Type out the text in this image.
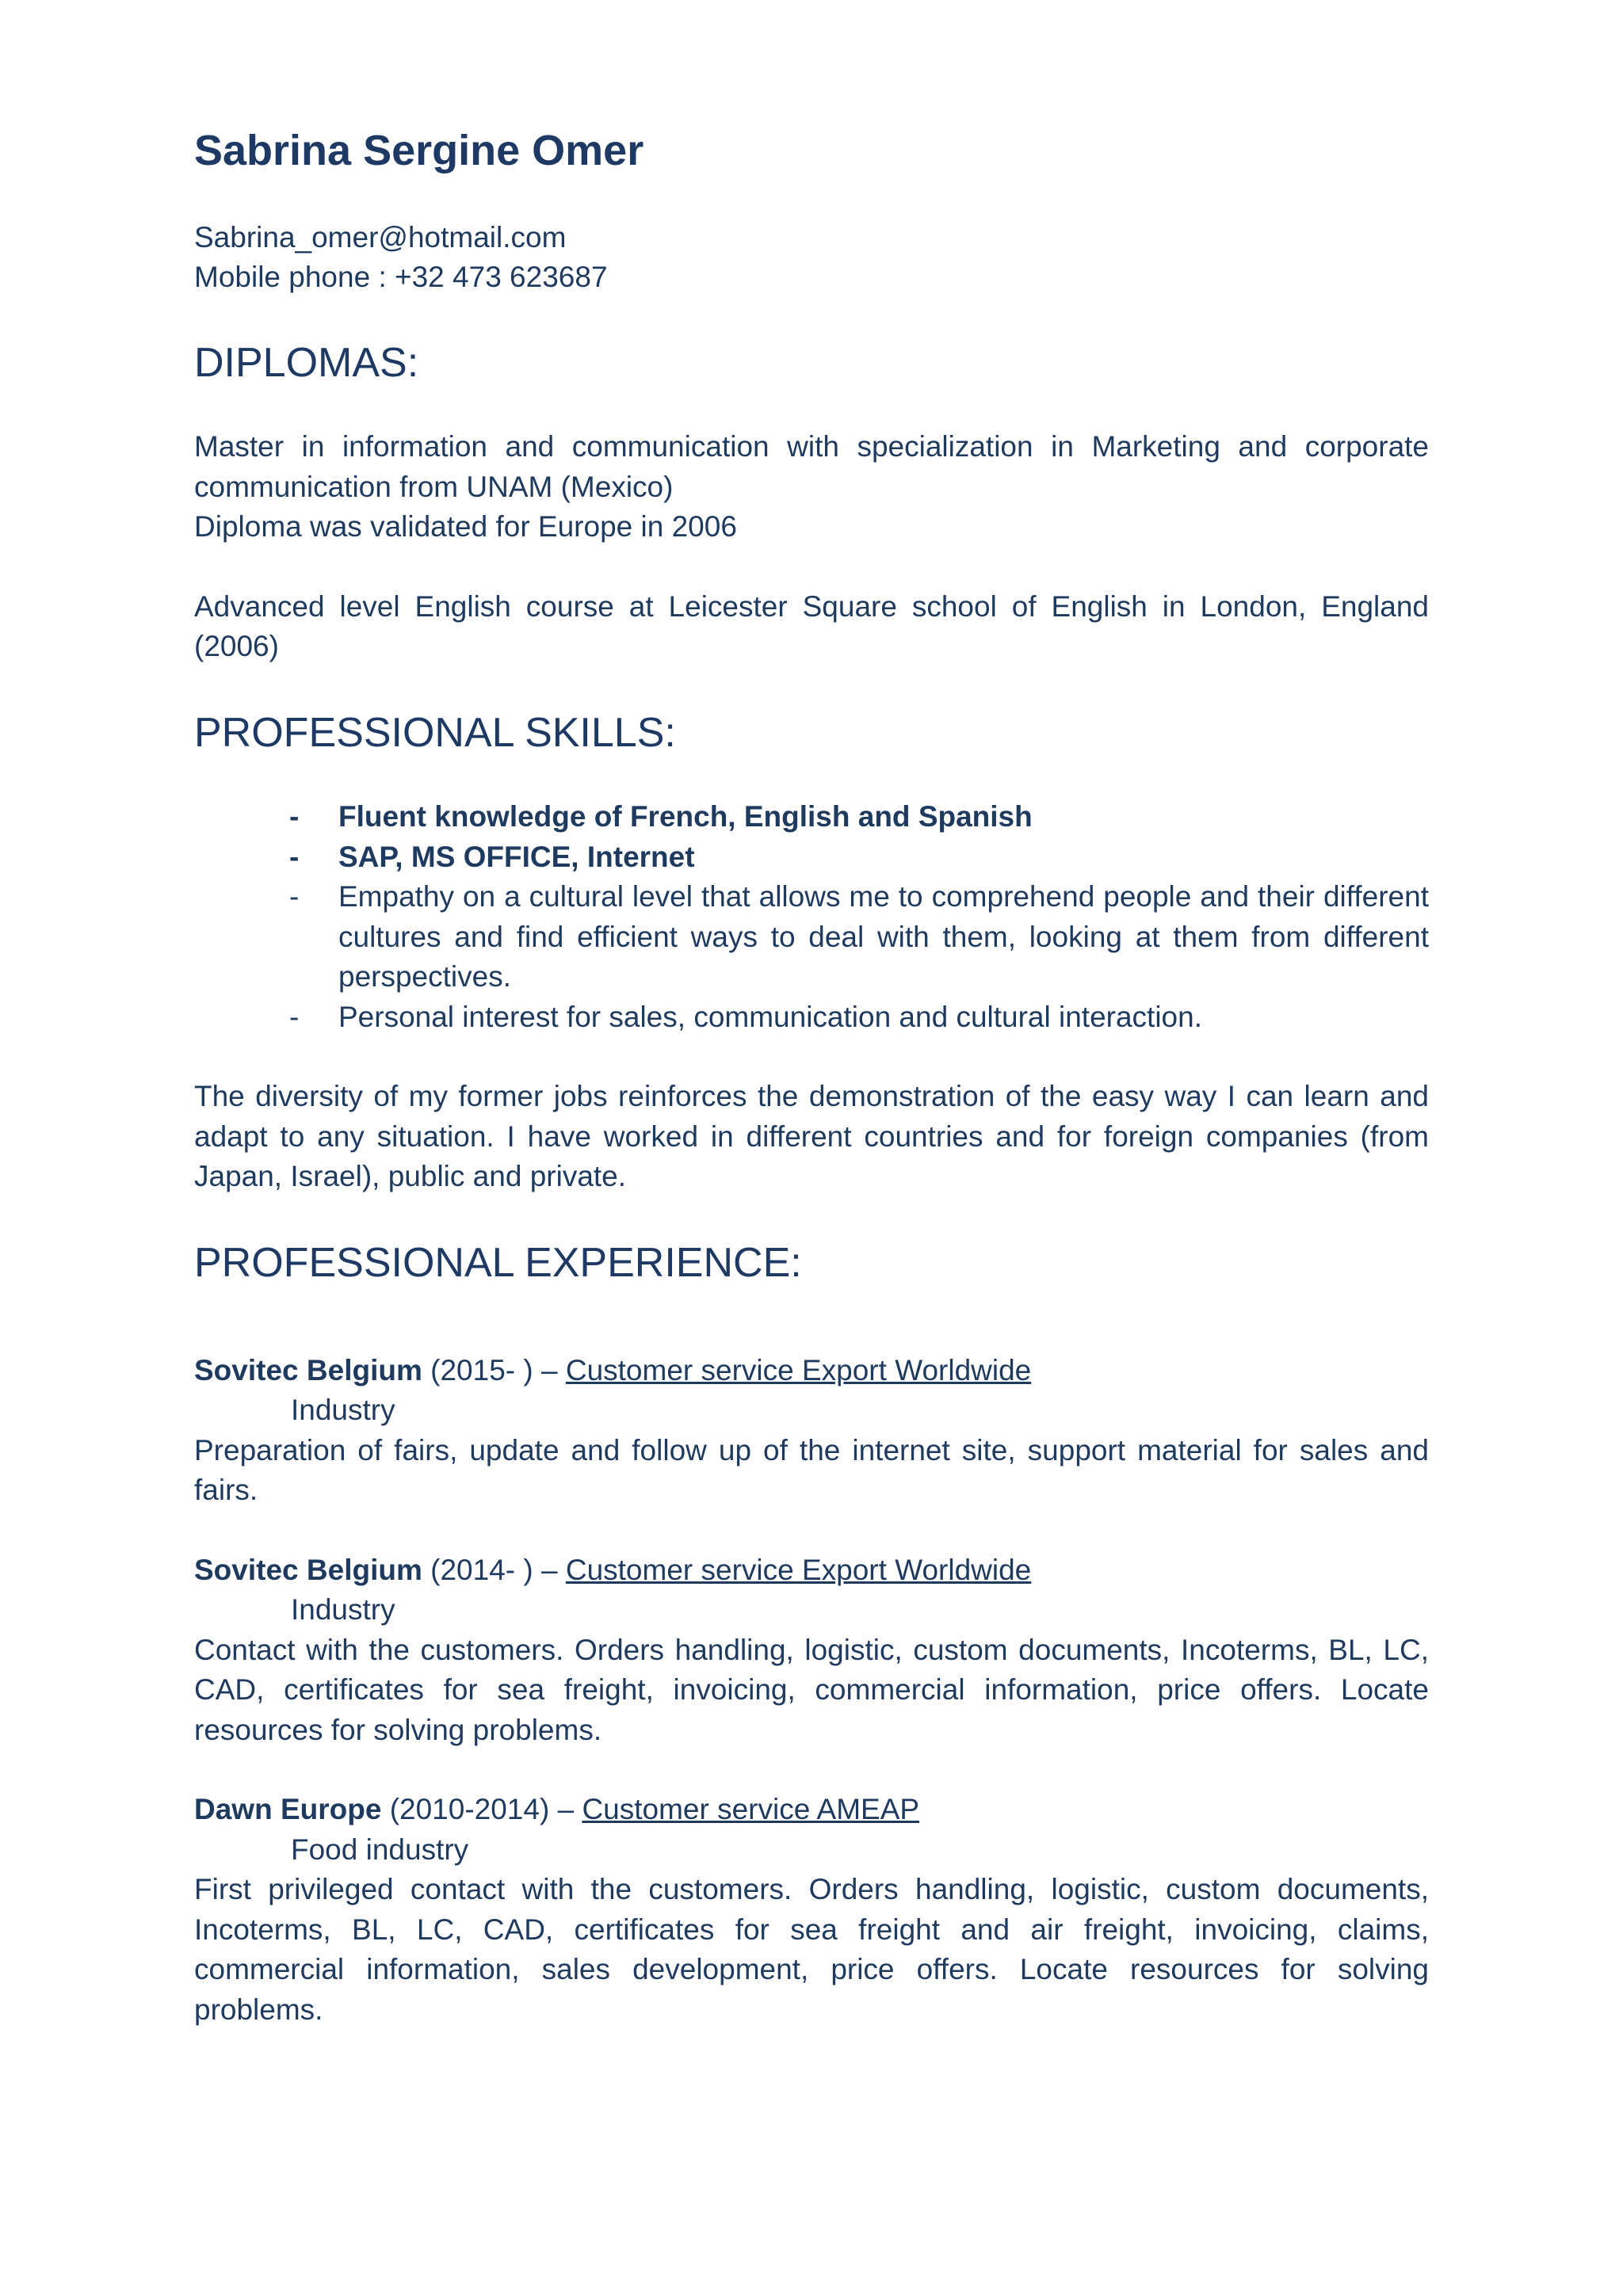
Sabrina Sergine Omer
Sabrina_omer@hotmail.com
Mobile phone : +32 473 623687
DIPLOMAS:

Master in information and communication with specialization in Marketing and corporate communication from UNAM (Mexico)

Diploma was validated for Europe in 2006

Advanced level English course at Leicester Square school of English in London, England (2006)

PROFESSIONAL SKILLS:
- Fluent knowledge of French, English and Spanish
- SAP, MS OFFICE, Internet
- Empathy on a cultural level that allows me to comprehend people and their different cultures and find efficient ways to deal with them, looking at them from different perspectives.
- Personal interest for sales, communication and cultural interaction.

The diversity of my former jobs reinforces the demonstration of the easy way I can learn and adapt to any situation. I have worked in different countries and for foreign companies (from Japan, Israel), public and private.

PROFESSIONAL EXPERIENCE:
Sovitec Belgium (2015- ) – Customer service Export Worldwide
Industry

Preparation of fairs, update and follow up of the internet site, support material for sales and fairs.

Sovitec Belgium (2014- ) – Customer service Export Worldwide
Industry

Contact with the customers. Orders handling, logistic, custom documents, Incoterms, BL, LC, CAD, certificates for sea freight, invoicing, commercial information, price offers. Locate resources for solving problems.

Dawn Europe (2010-2014) – Customer service AMEAP
Food industry

First privileged contact with the customers. Orders handling, logistic, custom documents, Incoterms, BL, LC, CAD, certificates for sea freight and air freight, invoicing, claims, commercial information, sales development, price offers. Locate resources for solving problems.
